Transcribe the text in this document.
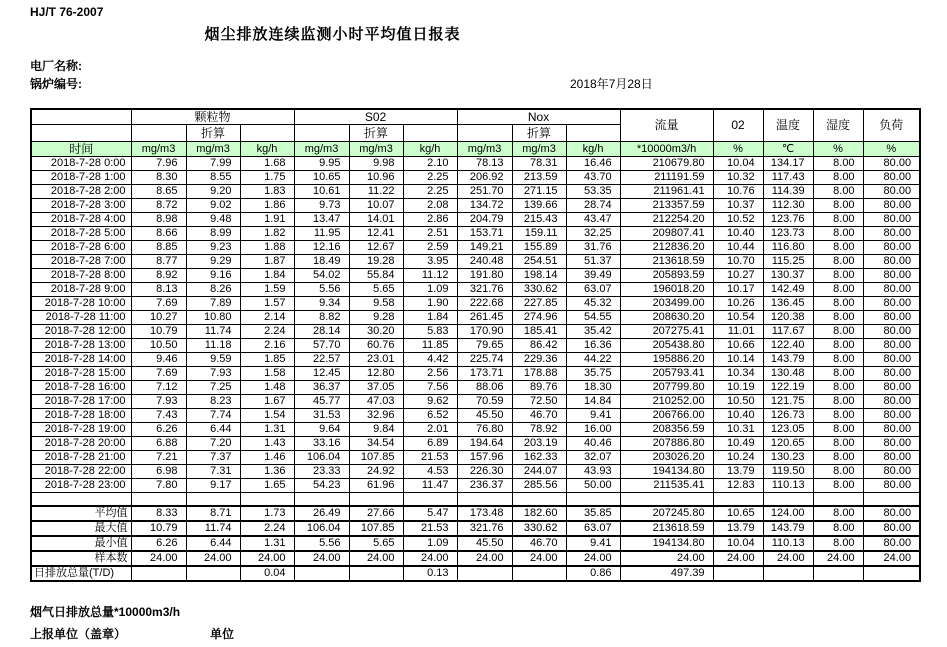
HJ/T 76-2007
烟尘排放连续监测小时平均值日报表
电厂名称:
锅炉编号:	2018年7月28日
	颗粒物			S02			Nox			流量	02	温度	湿度	负荷
		折算			折算			折算						
时间	mg/m3	mg/m3	kg/h	mg/m3	mg/m3	kg/h	mg/m3	mg/m3	kg/h	*10000m3/h	%	℃	%	%
2018-7-28 0:00	7.96	7.99	1.68	9.95	9.98	2.10	78.13	78.31	16.46	210679.80	10.04	134.17	8.00	80.00
2018-7-28 1:00	8.30	8.55	1.75	10.65	10.96	2.25	206.92	213.59	43.70	211191.59	10.32	117.43	8.00	80.00
2018-7-28 2:00	8.65	9.20	1.83	10.61	11.22	2.25	251.70	271.15	53.35	211961.41	10.76	114.39	8.00	80.00
2018-7-28 3:00	8.72	9.02	1.86	9.73	10.07	2.08	134.72	139.66	28.74	213357.59	10.37	112.30	8.00	80.00
2018-7-28 4:00	8.98	9.48	1.91	13.47	14.01	2.86	204.79	215.43	43.47	212254.20	10.52	123.76	8.00	80.00
2018-7-28 5:00	8.66	8.99	1.82	11.95	12.41	2.51	153.71	159.11	32.25	209807.41	10.40	123.73	8.00	80.00
2018-7-28 6:00	8.85	9.23	1.88	12.16	12.67	2.59	149.21	155.89	31.76	212836.20	10.44	116.80	8.00	80.00
2018-7-28 7:00	8.77	9.29	1.87	18.49	19.28	3.95	240.48	254.51	51.37	213618.59	10.70	115.25	8.00	80.00
2018-7-28 8:00	8.92	9.16	1.84	54.02	55.84	11.12	191.80	198.14	39.49	205893.59	10.27	130.37	8.00	80.00
2018-7-28 9:00	8.13	8.26	1.59	5.56	5.65	1.09	321.76	330.62	63.07	196018.20	10.17	142.49	8.00	80.00
2018-7-28 10:00	7.69	7.89	1.57	9.34	9.58	1.90	222.68	227.85	45.32	203499.00	10.26	136.45	8.00	80.00
2018-7-28 11:00	10.27	10.80	2.14	8.82	9.28	1.84	261.45	274.96	54.55	208630.20	10.54	120.38	8.00	80.00
2018-7-28 12:00	10.79	11.74	2.24	28.14	30.20	5.83	170.90	185.41	35.42	207275.41	11.01	117.67	8.00	80.00
2018-7-28 13:00	10.50	11.18	2.16	57.70	60.76	11.85	79.65	86.42	16.36	205438.80	10.66	122.40	8.00	80.00
2018-7-28 14:00	9.46	9.59	1.85	22.57	23.01	4.42	225.74	229.36	44.22	195886.20	10.14	143.79	8.00	80.00
2018-7-28 15:00	7.69	7.93	1.58	12.45	12.80	2.56	173.71	178.88	35.75	205793.41	10.34	130.48	8.00	80.00
2018-7-28 16:00	7.12	7.25	1.48	36.37	37.05	7.56	88.06	89.76	18.30	207799.80	10.19	122.19	8.00	80.00
2018-7-28 17:00	7.93	8.23	1.67	45.77	47.03	9.62	70.59	72.50	14.84	210252.00	10.50	121.75	8.00	80.00
2018-7-28 18:00	7.43	7.74	1.54	31.53	32.96	6.52	45.50	46.70	9.41	206766.00	10.40	126.73	8.00	80.00
2018-7-28 19:00	6.26	6.44	1.31	9.64	9.84	2.01	76.80	78.92	16.00	208356.59	10.31	123.05	8.00	80.00
2018-7-28 20:00	6.88	7.20	1.43	33.16	34.54	6.89	194.64	203.19	40.46	207886.80	10.49	120.65	8.00	80.00
2018-7-28 21:00	7.21	7.37	1.46	106.04	107.85	21.53	157.96	162.33	32.07	203026.20	10.24	130.23	8.00	80.00
2018-7-28 22:00	6.98	7.31	1.36	23.33	24.92	4.53	226.30	244.07	43.93	194134.80	13.79	119.50	8.00	80.00
2018-7-28 23:00	7.80	9.17	1.65	54.23	61.96	11.47	236.37	285.56	50.00	211535.41	12.83	110.13	8.00	80.00

平均值	8.33	8.71	1.73	26.49	27.66	5.47	173.48	182.60	35.85	207245.80	10.65	124.00	8.00	80.00
最大值	10.79	11.74	2.24	106.04	107.85	21.53	321.76	330.62	63.07	213618.59	13.79	143.79	8.00	80.00
最小值	6.26	6.44	1.31	5.56	5.65	1.09	45.50	46.70	9.41	194134.80	10.04	110.13	8.00	80.00
样本数	24.00	24.00	24.00	24.00	24.00	24.00	24.00	24.00	24.00	24.00	24.00	24.00	24.00	24.00
日排放总量(T/D)			0.04			0.13			0.86	497.39				
烟气日排放总量*10000m3/h
上报单位（盖章）	单位
